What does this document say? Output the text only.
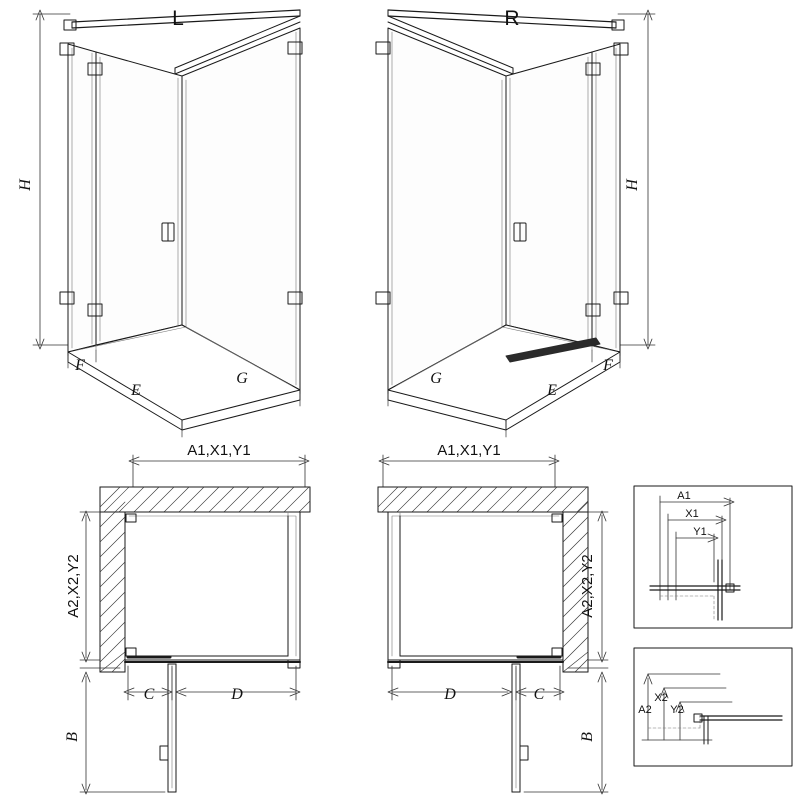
L	R
H	H
F
E
G	G
E
F
A1,X1,Y1	A1,X1,Y1
A2,X2,Y2	A2,X2,Y2
C	D	D	C
B	B
A1
X1
Y1
A2
X2
Y2
